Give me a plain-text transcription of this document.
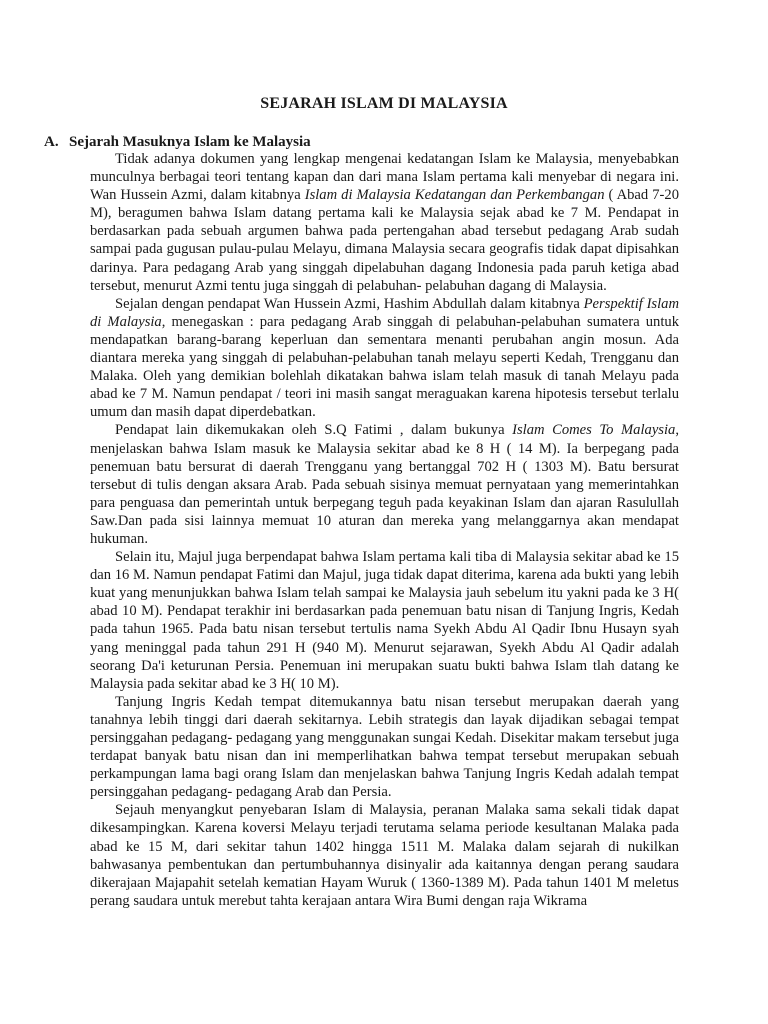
SEJARAH ISLAM DI MALAYSIA
A. Sejarah Masuknya Islam ke Malaysia

Tidak adanya dokumen yang lengkap mengenai kedatangan Islam ke Malaysia, menyebabkan munculnya berbagai teori tentang kapan dan dari mana Islam pertama kali menyebar di negara ini. Wan Hussein Azmi, dalam kitabnya Islam di Malaysia Kedatangan dan Perkembangan ( Abad 7-20 M), beragumen bahwa Islam datang pertama kali ke Malaysia sejak abad ke 7 M. Pendapat in berdasarkan pada sebuah argumen bahwa pada pertengahan abad tersebut pedagang Arab sudah sampai pada gugusan pulau-pulau Melayu, dimana Malaysia secara geografis tidak dapat dipisahkan darinya. Para pedagang Arab yang singgah dipelabuhan dagang Indonesia pada paruh ketiga abad tersebut, menurut Azmi tentu juga singgah di pelabuhan- pelabuhan dagang di Malaysia.

Sejalan dengan pendapat Wan Hussein Azmi, Hashim Abdullah dalam kitabnya Perspektif Islam di Malaysia, menegaskan : para pedagang Arab singgah di pelabuhan-pelabuhan sumatera untuk mendapatkan barang-barang keperluan dan sementara menanti perubahan angin mosun. Ada diantara mereka yang singgah di pelabuhan-pelabuhan tanah melayu seperti Kedah, Trengganu dan Malaka. Oleh yang demikian bolehlah dikatakan bahwa islam telah masuk di tanah Melayu pada abad ke 7 M. Namun pendapat / teori ini masih sangat meraguakan karena hipotesis tersebut terlalu umum dan masih dapat diperdebatkan.

Pendapat lain dikemukakan oleh S.Q Fatimi , dalam bukunya Islam Comes To Malaysia, menjelaskan bahwa Islam masuk ke Malaysia sekitar abad ke 8 H ( 14 M). Ia berpegang pada penemuan batu bersurat di daerah Trengganu yang bertanggal 702 H ( 1303 M). Batu bersurat tersebut di tulis dengan aksara Arab. Pada sebuah sisinya memuat pernyataan yang memerintahkan para penguasa dan pemerintah untuk berpegang teguh pada keyakinan Islam dan ajaran Rasulullah Saw.Dan pada sisi lainnya memuat 10 aturan dan mereka yang melanggarnya akan mendapat hukuman.

Selain itu, Majul juga berpendapat bahwa Islam pertama kali tiba di Malaysia sekitar abad ke 15 dan 16 M. Namun pendapat Fatimi dan Majul, juga tidak dapat diterima, karena ada bukti yang lebih kuat yang menunjukkan bahwa Islam telah sampai ke Malaysia jauh sebelum itu yakni pada ke 3 H( abad 10 M). Pendapat terakhir ini berdasarkan pada penemuan batu nisan di Tanjung Ingris, Kedah pada tahun 1965. Pada batu nisan tersebut tertulis nama Syekh Abdu Al Qadir Ibnu Husayn syah yang meninggal pada tahun 291 H (940 M). Menurut sejarawan, Syekh Abdu Al Qadir adalah seorang Da'i keturunan Persia. Penemuan ini merupakan suatu bukti bahwa Islam tlah datang ke Malaysia pada sekitar abad ke 3 H( 10 M).

Tanjung Ingris Kedah tempat ditemukannya batu nisan tersebut merupakan daerah yang tanahnya lebih tinggi dari daerah sekitarnya. Lebih strategis dan layak dijadikan sebagai tempat persinggahan pedagang- pedagang yang menggunakan sungai Kedah. Disekitar makam tersebut juga terdapat banyak batu nisan dan ini memperlihatkan bahwa tempat tersebut merupakan sebuah perkampungan lama bagi orang Islam dan menjelaskan bahwa Tanjung Ingris Kedah adalah tempat persinggahan pedagang- pedagang Arab dan Persia.

Sejauh menyangkut penyebaran Islam di Malaysia, peranan Malaka sama sekali tidak dapat dikesampingkan. Karena koversi Melayu terjadi terutama selama periode kesultanan Malaka pada abad ke 15 M, dari sekitar tahun 1402 hingga 1511 M. Malaka dalam sejarah di nukilkan bahwasanya pembentukan dan pertumbuhannya disinyalir ada kaitannya dengan perang saudara dikerajaan Majapahit setelah kematian Hayam Wuruk ( 1360-1389 M). Pada tahun 1401 M meletus perang saudara untuk merebut tahta kerajaan antara Wira Bumi dengan raja Wikrama
